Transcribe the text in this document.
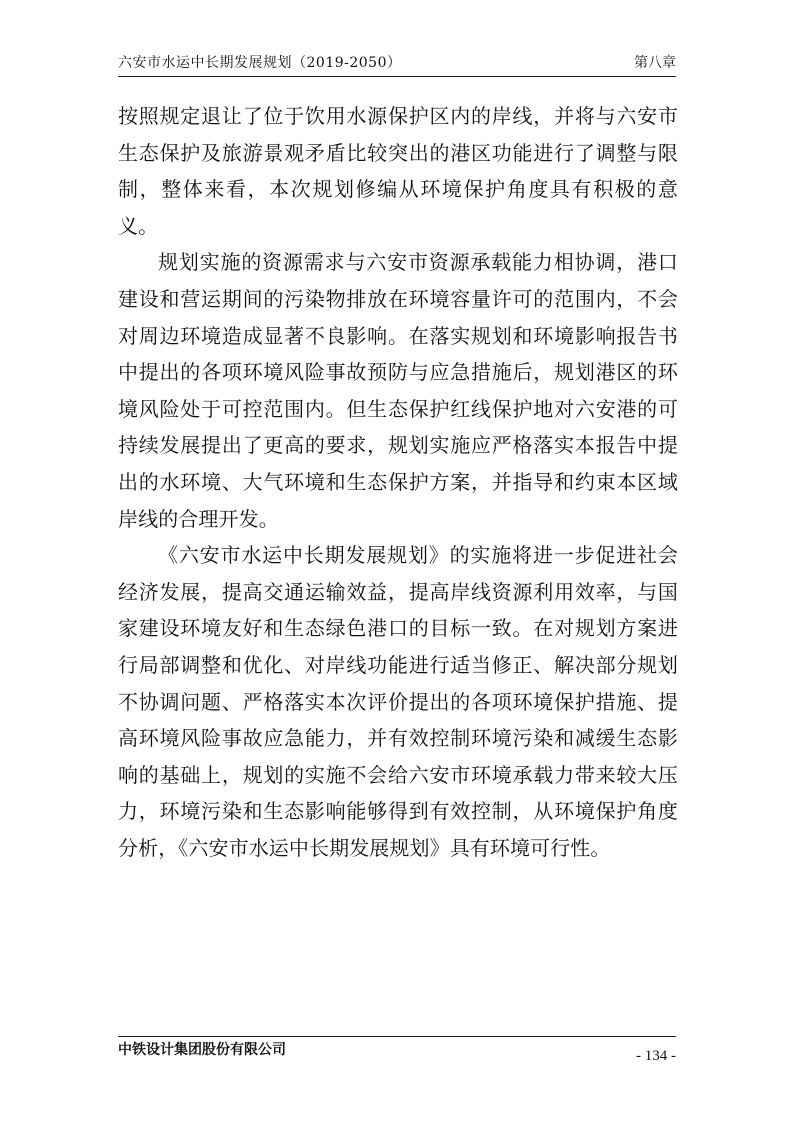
六安市水运中长期发展规划（2019-2050）	第八章

按照规定退让了位于饮用水源保护区内的岸线，并将与六安市生态保护及旅游景观矛盾比较突出的港区功能进行了调整与限制，整体来看，本次规划修编从环境保护角度具有积极的意义。

规划实施的资源需求与六安市资源承载能力相协调，港口建设和营运期间的污染物排放在环境容量许可的范围内，不会对周边环境造成显著不良影响。在落实规划和环境影响报告书中提出的各项环境风险事故预防与应急措施后，规划港区的环境风险处于可控范围内。但生态保护红线保护地对六安港的可持续发展提出了更高的要求，规划实施应严格落实本报告中提出的水环境、大气环境和生态保护方案，并指导和约束本区域岸线的合理开发。

《六安市水运中长期发展规划》的实施将进一步促进社会经济发展，提高交通运输效益，提高岸线资源利用效率，与国家建设环境友好和生态绿色港口的目标一致。在对规划方案进行局部调整和优化、对岸线功能进行适当修正、解决部分规划不协调问题、严格落实本次评价提出的各项环境保护措施、提高环境风险事故应急能力，并有效控制环境污染和减缓生态影响的基础上，规划的实施不会给六安市环境承载力带来较大压力，环境污染和生态影响能够得到有效控制，从环境保护角度分析，《六安市水运中长期发展规划》具有环境可行性。

中铁设计集团股份有限公司	- 134 -
